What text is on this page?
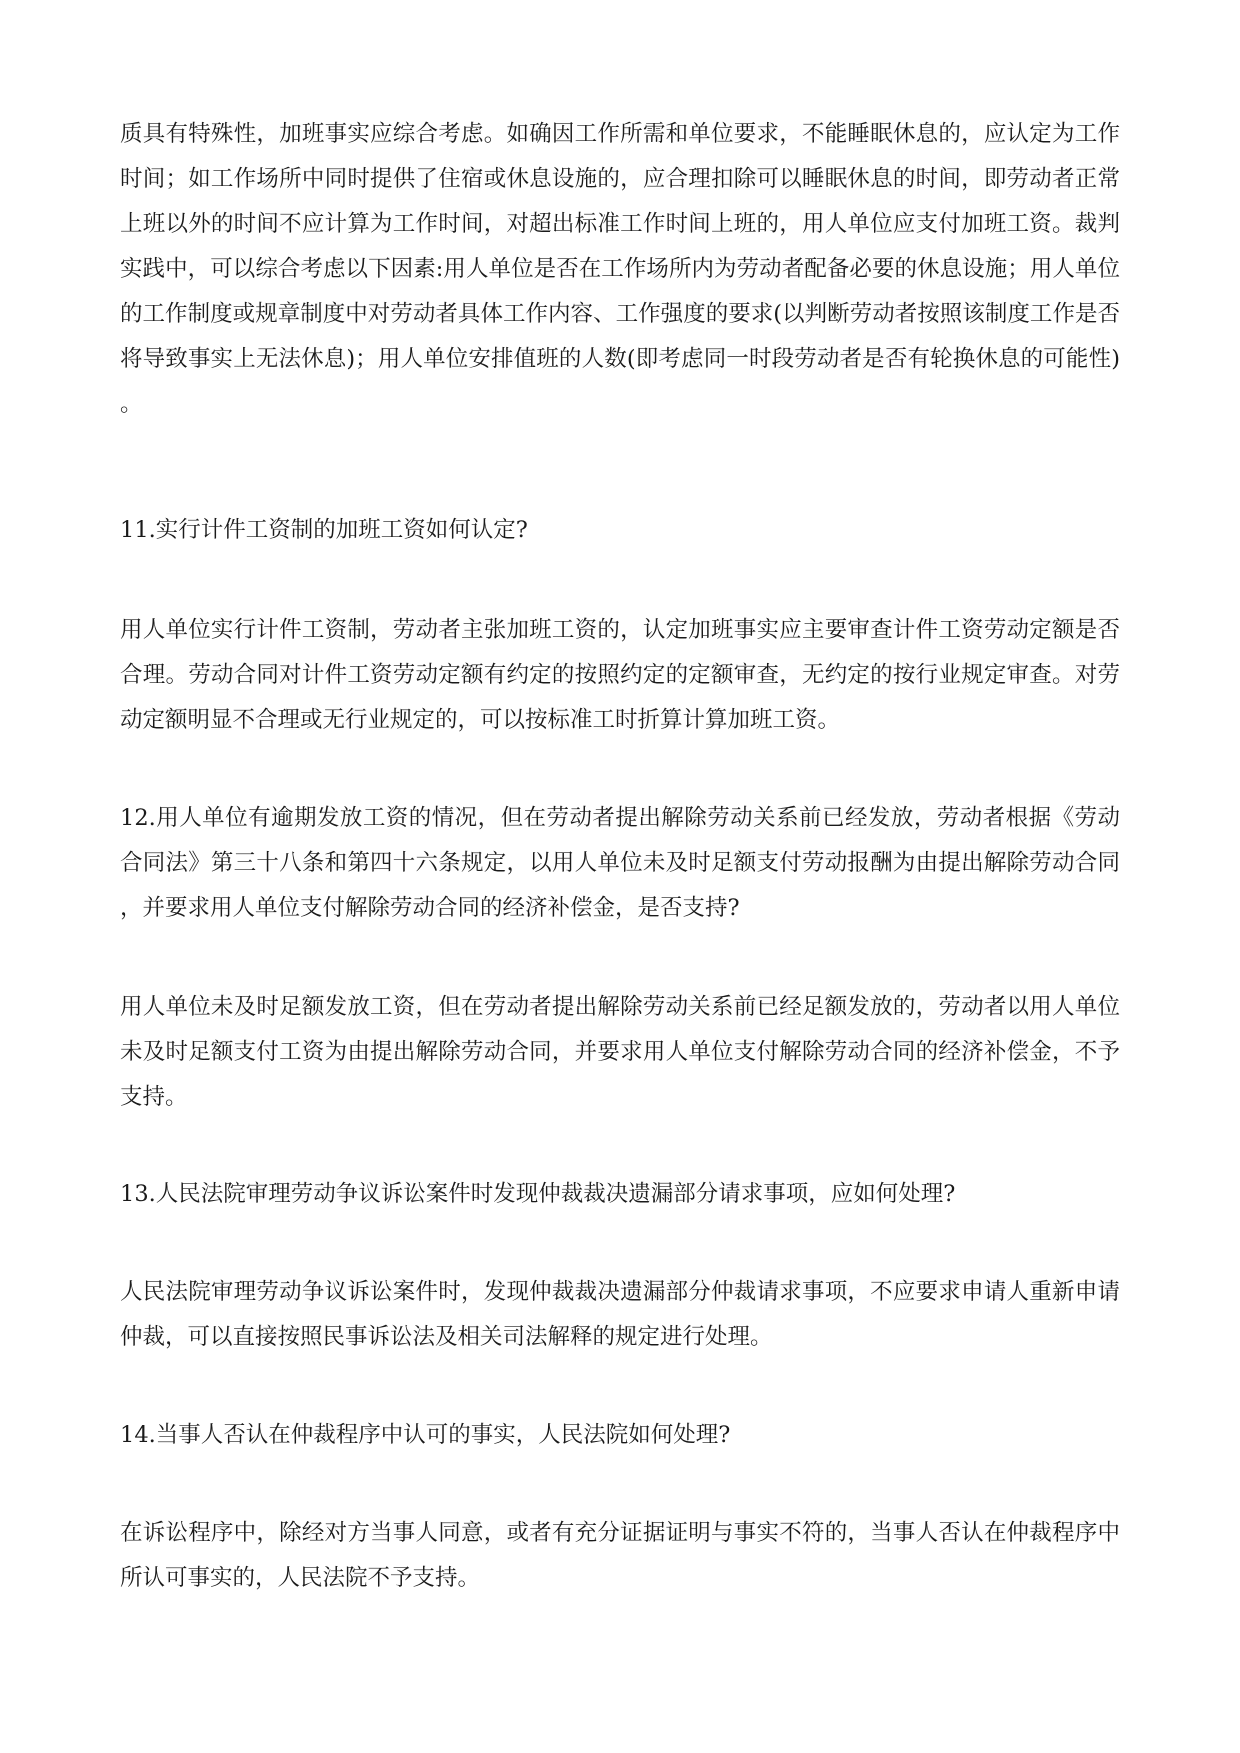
质具有特殊性，加班事实应综合考虑。如确因工作所需和单位要求，不能睡眠休息的，应认定为工作时间；如工作场所中同时提供了住宿或休息设施的，应合理扣除可以睡眠休息的时间，即劳动者正常上班以外的时间不应计算为工作时间，对超出标准工作时间上班的，用人单位应支付加班工资。裁判实践中，可以综合考虑以下因素:用人单位是否在工作场所内为劳动者配备必要的休息设施；用人单位的工作制度或规章制度中对劳动者具体工作内容、工作强度的要求(以判断劳动者按照该制度工作是否将导致事实上无法休息)；用人单位安排值班的人数(即考虑同一时段劳动者是否有轮换休息的可能性)。

11.实行计件工资制的加班工资如何认定?

用人单位实行计件工资制，劳动者主张加班工资的，认定加班事实应主要审查计件工资劳动定额是否合理。劳动合同对计件工资劳动定额有约定的按照约定的定额审查，无约定的按行业规定审查。对劳动定额明显不合理或无行业规定的，可以按标准工时折算计算加班工资。

12.用人单位有逾期发放工资的情况，但在劳动者提出解除劳动关系前已经发放，劳动者根据《劳动合同法》第三十八条和第四十六条规定，以用人单位未及时足额支付劳动报酬为由提出解除劳动合同，并要求用人单位支付解除劳动合同的经济补偿金，是否支持?

用人单位未及时足额发放工资，但在劳动者提出解除劳动关系前已经足额发放的，劳动者以用人单位未及时足额支付工资为由提出解除劳动合同，并要求用人单位支付解除劳动合同的经济补偿金，不予支持。

13.人民法院审理劳动争议诉讼案件时发现仲裁裁决遗漏部分请求事项，应如何处理?

人民法院审理劳动争议诉讼案件时，发现仲裁裁决遗漏部分仲裁请求事项，不应要求申请人重新申请仲裁，可以直接按照民事诉讼法及相关司法解释的规定进行处理。

14.当事人否认在仲裁程序中认可的事实，人民法院如何处理?

在诉讼程序中，除经对方当事人同意，或者有充分证据证明与事实不符的，当事人否认在仲裁程序中所认可事实的，人民法院不予支持。
